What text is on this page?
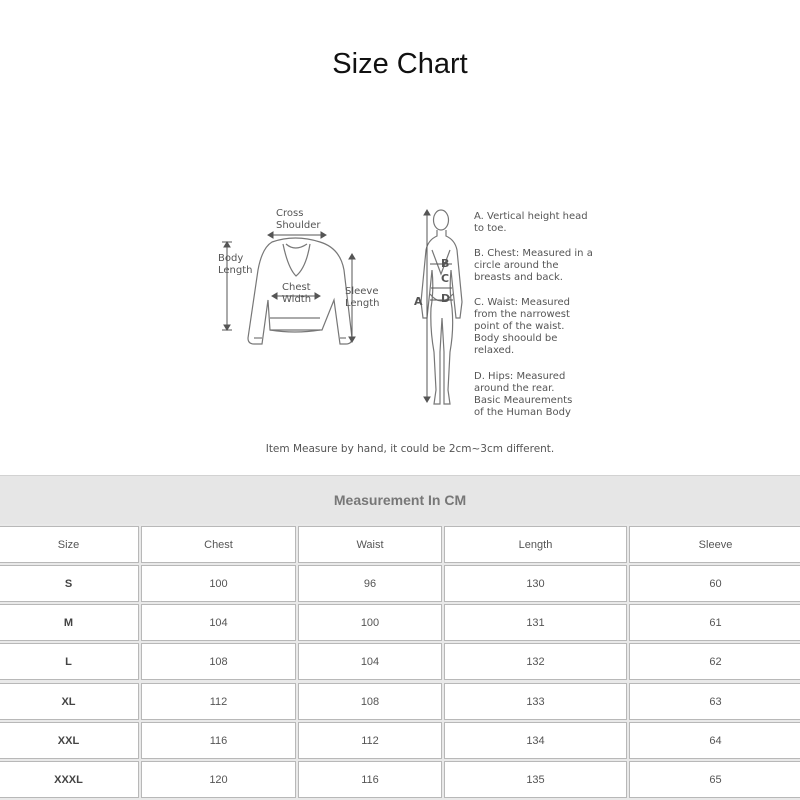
Size Chart
Cross
Shoulder
Body
Length
Chest
Width
Sleeve
Length	A
B
C
D
A. Vertical height head
to toe.
B. Chest: Measured in a
circle around the
breasts and back.
C. Waist: Measured
from the narrowest
point of the waist.
Body shoould be
relaxed.
D. Hips: Measured
around the rear.
Basic Meaurements
of the Human Body
Item Measure by hand, it could be 2cm~3cm different.
Measurement In CM
Size	Chest	Waist	Length	Sleeve
S	100	96	130	60
M	104	100	131	61
L	108	104	132	62
XL	112	108	133	63
XXL	116	112	134	64
XXXL	120	116	135	65
